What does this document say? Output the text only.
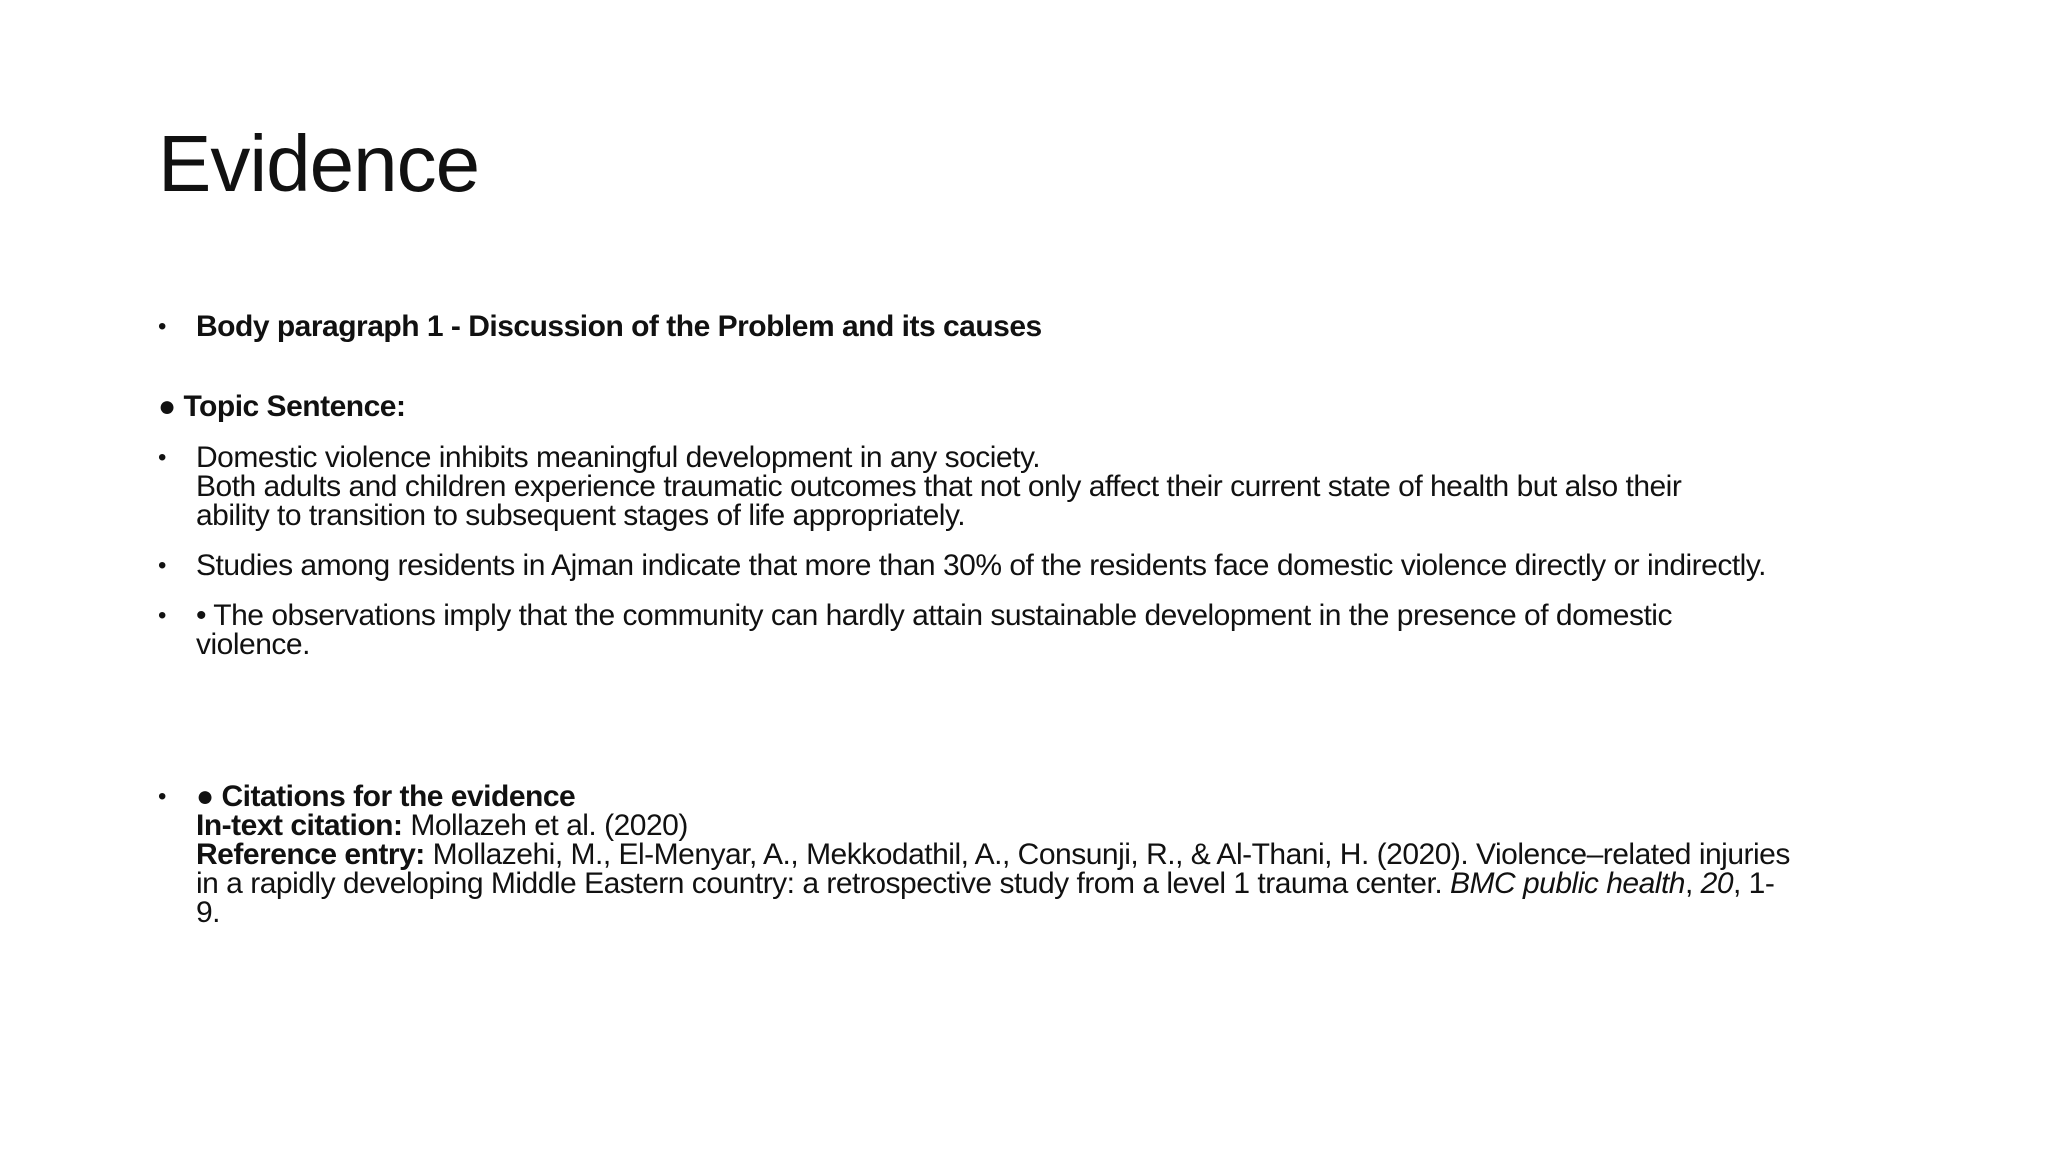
Evidence
• Body paragraph 1 - Discussion of the Problem and its causes
● Topic Sentence:
• Domestic violence inhibits meaningful development in any society.
Both adults and children experience traumatic outcomes that not only affect their current state of health but also their
ability to transition to subsequent stages of life appropriately.
• Studies among residents in Ajman indicate that more than 30% of the residents face domestic violence directly or indirectly.
• • The observations imply that the community can hardly attain sustainable development in the presence of domestic
violence.
• ● Citations for the evidence
In-text citation: Mollazeh et al. (2020)
Reference entry: Mollazehi, M., El-Menyar, A., Mekkodathil, A., Consunji, R., & Al-Thani, H. (2020). Violence–related injuries
in a rapidly developing Middle Eastern country: a retrospective study from a level 1 trauma center. BMC public health, 20, 1-
9.
